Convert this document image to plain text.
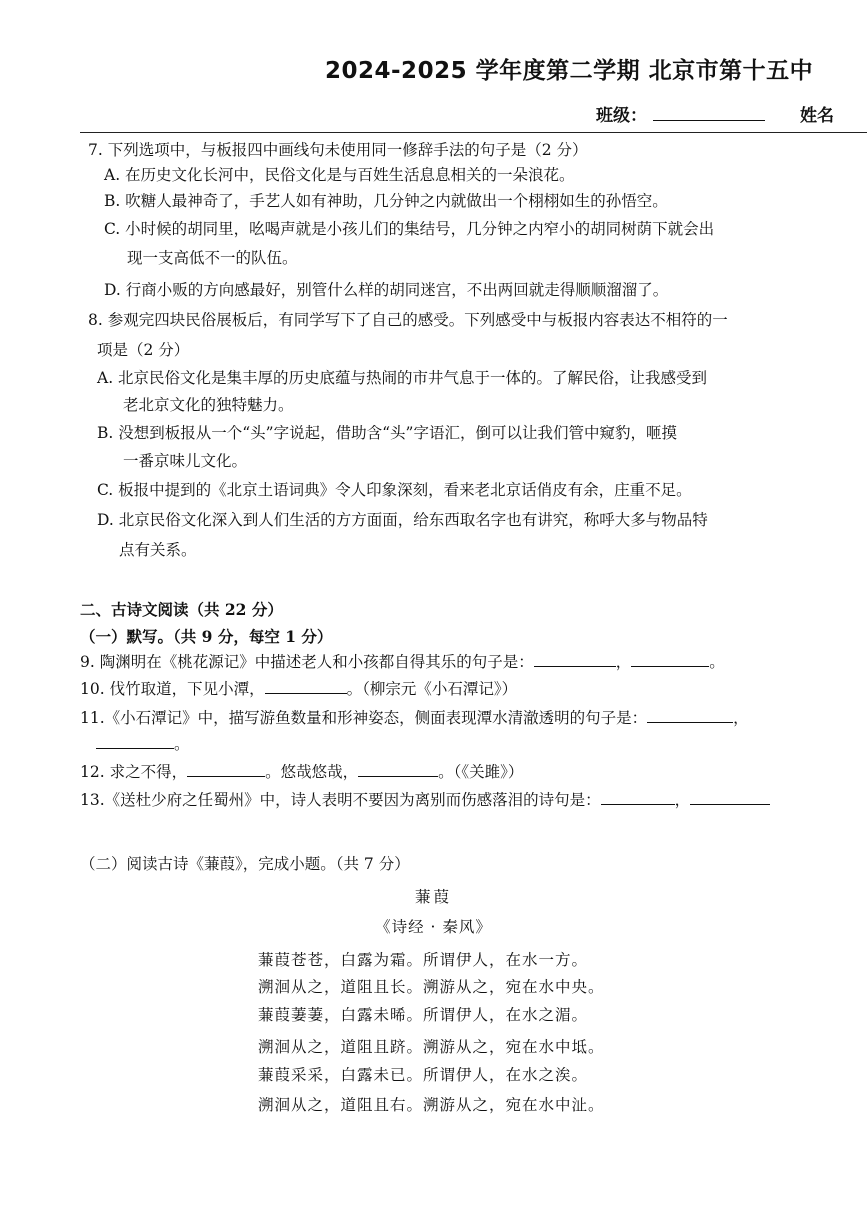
2024-2025 学年度第二学期 北京市第十五中
班级：	姓名
7. 下列选项中，与板报四中画线句未使用同一修辞手法的句子是（2 分）
A. 在历史文化长河中，民俗文化是与百姓生活息息相关的一朵浪花。
B. 吹糖人最神奇了，手艺人如有神助，几分钟之内就做出一个栩栩如生的孙悟空。
C. 小时候的胡同里，吆喝声就是小孩儿们的集结号，几分钟之内窄小的胡同树荫下就会出
现一支高低不一的队伍。
D. 行商小贩的方向感最好，别管什么样的胡同迷宫，不出两回就走得顺顺溜溜了。
8. 参观完四块民俗展板后，有同学写下了自己的感受。下列感受中与板报内容表达不相符的一
项是（2 分）
A. 北京民俗文化是集丰厚的历史底蕴与热闹的市井气息于一体的。了解民俗，让我感受到
老北京文化的独特魅力。
B. 没想到板报从一个“头”字说起，借助含“头”字语汇，倒可以让我们管中窥豹，咂摸
一番京味儿文化。
C. 板报中提到的《北京土语词典》令人印象深刻，看来老北京话俏皮有余，庄重不足。
D. 北京民俗文化深入到人们生活的方方面面，给东西取名字也有讲究，称呼大多与物品特
点有关系。
二、古诗文阅读（共 22 分）
（一）默写。（共 9 分，每空 1 分）
9. 陶渊明在《桃花源记》中描述老人和小孩都自得其乐的句子是：	，	。
10. 伐竹取道，下见小潭，	。（柳宗元《小石潭记》）
11.《小石潭记》中，描写游鱼数量和形神姿态，侧面表现潭水清澈透明的句子是：	，
。
12. 求之不得，	。悠哉悠哉，	。（《关雎》）
13.《送杜少府之任蜀州》中，诗人表明不要因为离别而伤感落泪的诗句是：	，
（二）阅读古诗《蒹葭》，完成小题。（共 7 分）
蒹葭
《诗经 · 秦风》
蒹葭苍苍，白露为霜。所谓伊人，在水一方。
溯洄从之，道阻且长。溯游从之，宛在水中央。
蒹葭萋萋，白露未晞。所谓伊人，在水之湄。
溯洄从之，道阻且跻。溯游从之，宛在水中坻。
蒹葭采采，白露未已。所谓伊人，在水之涘。
溯洄从之，道阻且右。溯游从之，宛在水中沚。
